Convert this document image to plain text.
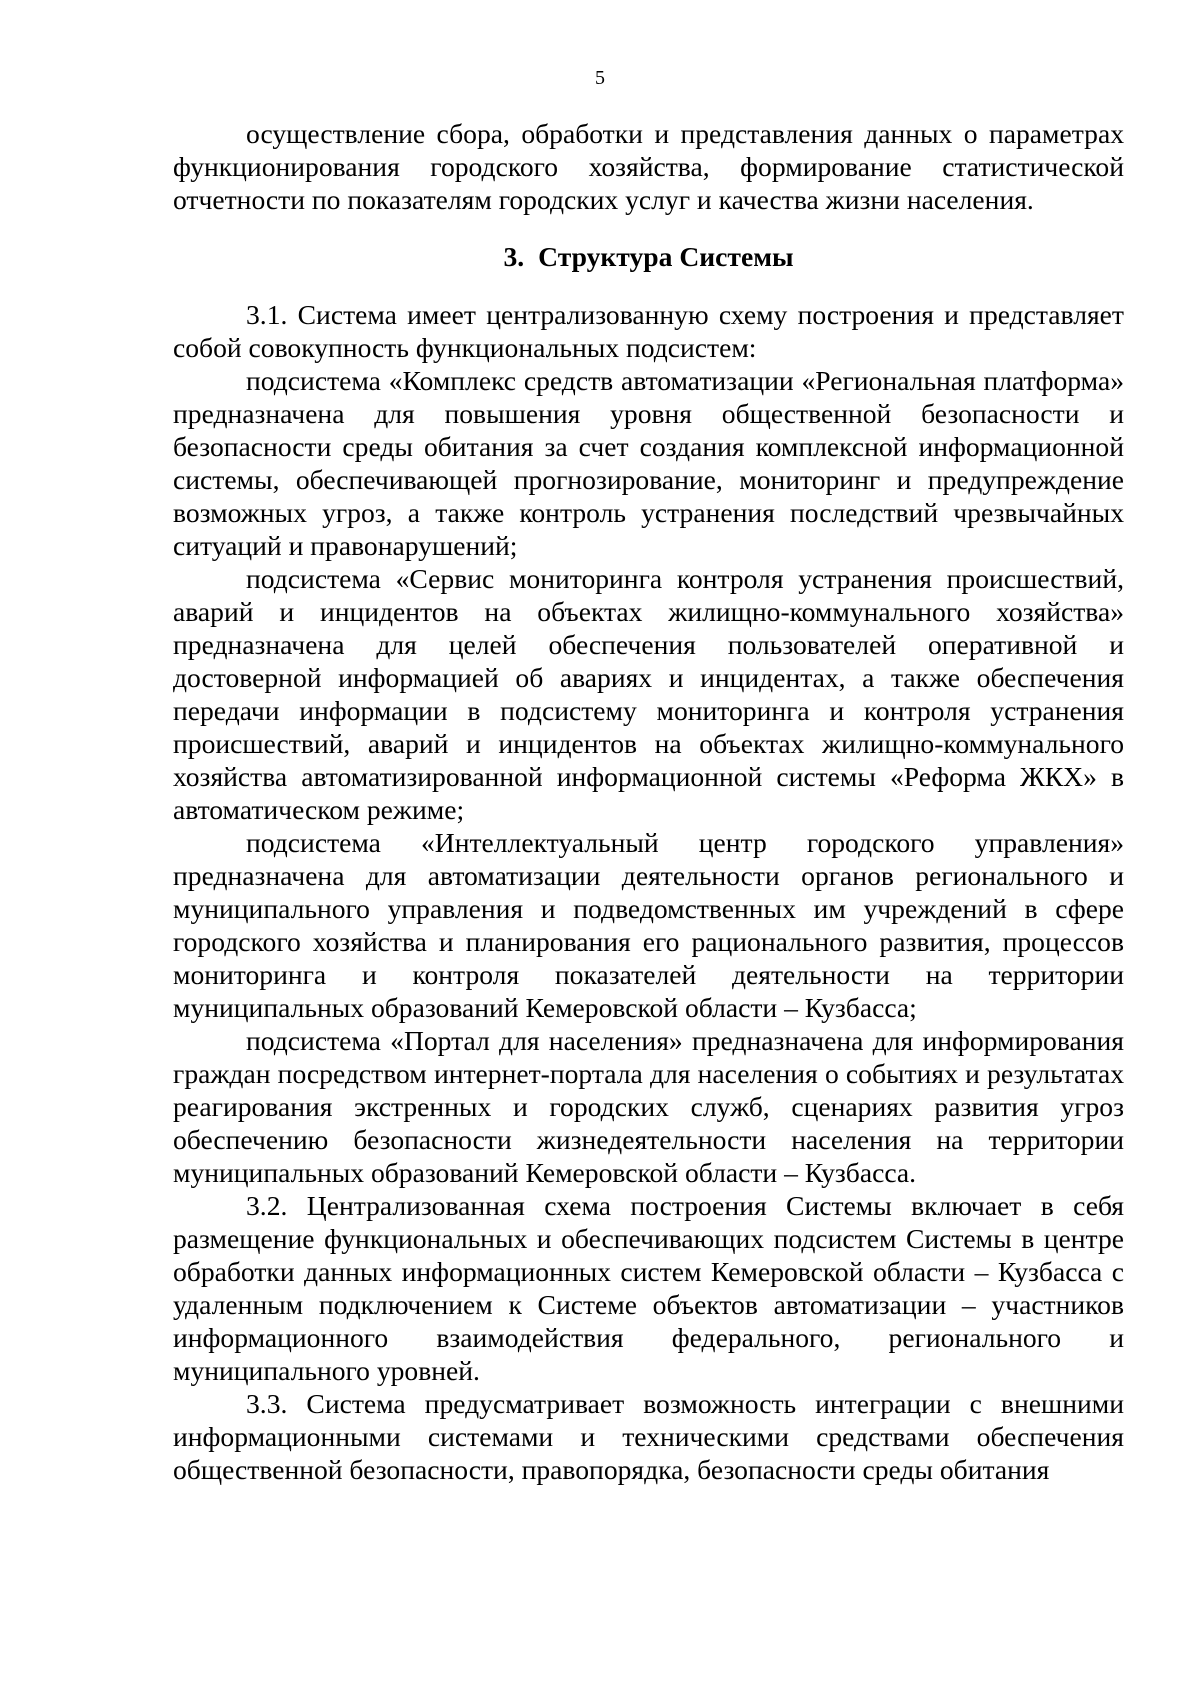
5

осуществление сбора, обработки и представления данных о параметрах функционирования городского хозяйства, формирование статистической отчетности по показателям городских услуг и качества жизни населения.

3. Структура Системы

3.1. Система имеет централизованную схему построения и представляет собой совокупность функциональных подсистем:

подсистема «Комплекс средств автоматизации «Региональная платформа» предназначена для повышения уровня общественной безопасности и безопасности среды обитания за счет создания комплексной информационной системы, обеспечивающей прогнозирование, мониторинг и предупреждение возможных угроз, а также контроль устранения последствий чрезвычайных ситуаций и правонарушений;

подсистема «Сервис мониторинга контроля устранения происшествий, аварий и инцидентов на объектах жилищно-коммунального хозяйства» предназначена для целей обеспечения пользователей оперативной и достоверной информацией об авариях и инцидентах, а также обеспечения передачи информации в подсистему мониторинга и контроля устранения происшествий, аварий и инцидентов на объектах жилищно-коммунального хозяйства автоматизированной информационной системы «Реформа ЖКХ» в автоматическом режиме;

подсистема «Интеллектуальный центр городского управления» предназначена для автоматизации деятельности органов регионального и муниципального управления и подведомственных им учреждений в сфере городского хозяйства и планирования его рационального развития, процессов мониторинга и контроля показателей деятельности на территории муниципальных образований Кемеровской области – Кузбасса;

подсистема «Портал для населения» предназначена для информирования граждан посредством интернет-портала для населения о событиях и результатах реагирования экстренных и городских служб, сценариях развития угроз обеспечению безопасности жизнедеятельности населения на территории муниципальных образований Кемеровской области – Кузбасса.

3.2. Централизованная схема построения Системы включает в себя размещение функциональных и обеспечивающих подсистем Системы в центре обработки данных информационных систем Кемеровской области – Кузбасса с удаленным подключением к Системе объектов автоматизации – участников информационного взаимодействия федерального, регионального и муниципального уровней.

3.3. Система предусматривает возможность интеграции с внешними информационными системами и техническими средствами обеспечения общественной безопасности, правопорядка, безопасности среды обитания
